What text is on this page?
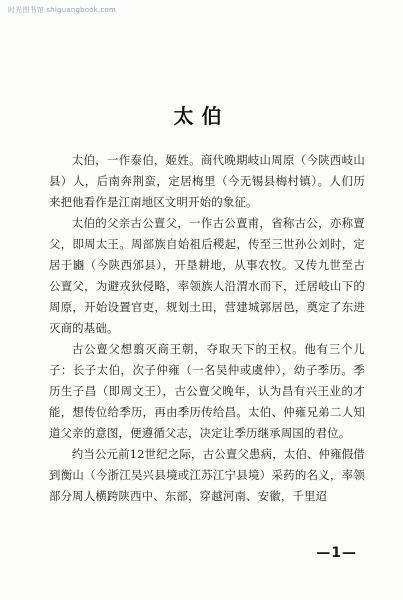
时光图书馆 shiguangbook.com
太伯

太伯，一作泰伯，姬姓。商代晚期岐山周原（今陕西岐山县）人，后南奔荆蛮，定居梅里（今无锡县梅村镇）。人们历来把他看作是江南地区文明开始的象征。

太伯的父亲古公亶父，一作古公亶甫，省称古公，亦称亶父，即周太王。周部族自始祖后稷起，传至三世孙公刘时，定居于豳（今陕西邠县），开垦耕地，从事农牧。又传九世至古公亶父，为避戎狄侵略，率领族人沿渭水而下，迁居岐山下的周原，开始设置官吏，规划土田，营建城郭居邑，奠定了东进灭商的基础。

古公亶父想翦灭商王朝，夺取天下的王权。他有三个儿子：长子太伯，次子仲雍（一名吴仲或虞仲），幼子季历。季历生子昌（即周文王），古公亶父晚年，认为昌有兴王业的才能，想传位给季历，再由季历传给昌。太伯、仲雍兄弟二人知道父亲的意图，便遵循父志，决定让季历继承周国的君位。

约当公元前12世纪之际，古公亶父患病，太伯、仲雍假借到衡山（今浙江吴兴县境或江苏江宁县境）采药的名义，率领部分周人横跨陕西中、东部，穿越河南、安徽，千里迢

—1—
